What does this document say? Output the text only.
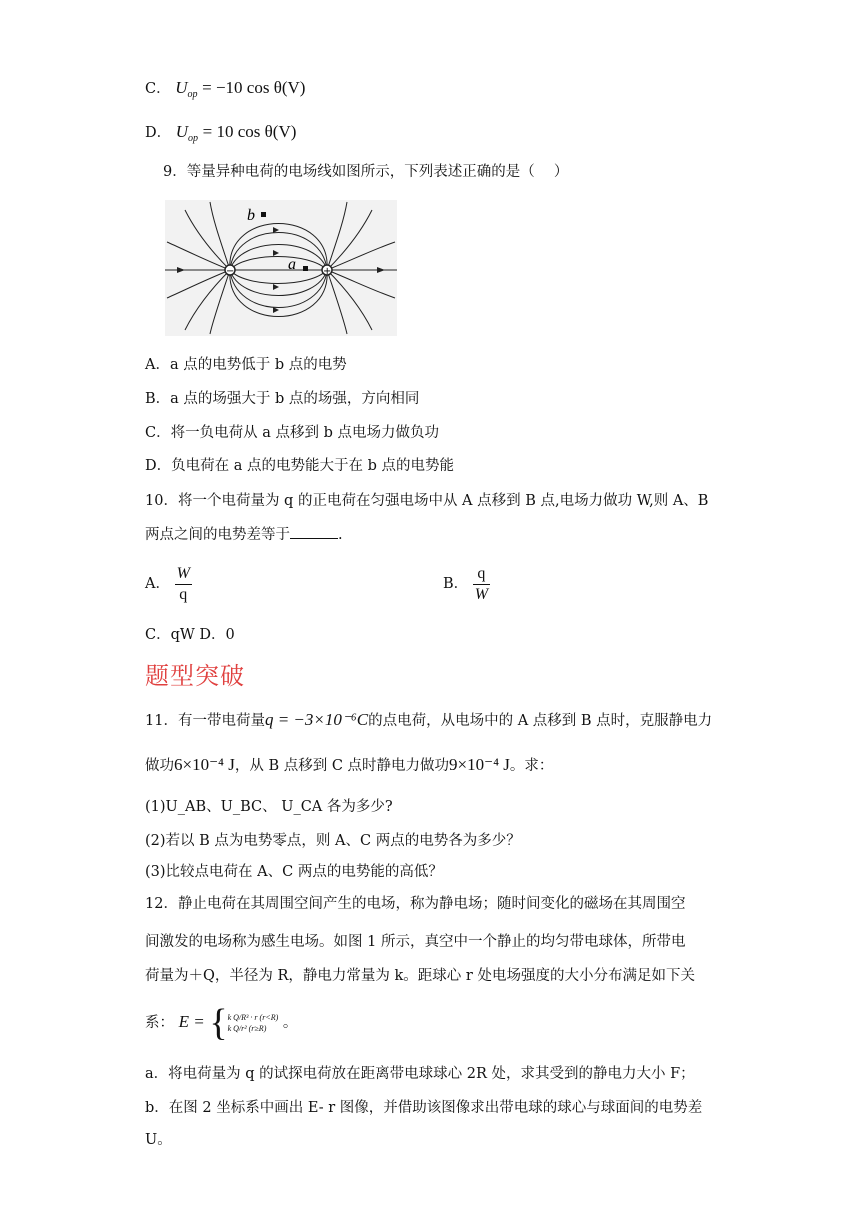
C． $U_{op} = -10$ cos θ(V)
D． $U_{op} = 10$ cos θ(V)
9．等量异种电荷的电场线如图所示，下列表述正确的是（　 ）
−	+
b
a
A．a 点的电势低于 b 点的电势
B．a 点的场强大于 b 点的场强，方向相同
C．将一负电荷从 a 点移到 b 点电场力做负功
D．负电荷在 a 点的电势能大于在 b 点的电势能
10．将一个电荷量为 q 的正电荷在匀强电场中从 A 点移到 B 点,电场力做功 W,则 A、B
两点之间的电势差等于	.
A． $\frac{W}{q}$	B． $\frac{q}{W}$
C．qW D．0
题型突破
11．有一带电荷量q = −3×10⁻⁶C的点电荷，从电场中的 A 点移到 B 点时，克服静电力
做功6×10⁻⁴ J，从 B 点移到 C 点时静电力做功9×10⁻⁴ J。求：
(1)U_AB、U_BC、 U_CA 各为多少?
(2)若以 B 点为电势零点，则 A、C 两点的电势各为多少？
(3)比较点电荷在 A、C 两点的电势能的高低？
12．静止电荷在其周围空间产生的电场，称为静电场；随时间变化的磁场在其周围空
间激发的电场称为感生电场。如图 1 所示，真空中一个静止的均匀带电球体，所带电
荷量为＋Q，半径为 R，静电力常量为 k。距球心 r 处电场强度的大小分布满足如下关
系： E = {k Q/R³ · r (r<R)
k Q/r² (r≥R) 。
a．将电荷量为 q 的试探电荷放在距离带电球球心 2R 处，求其受到的静电力大小 F；
b．在图 2 坐标系中画出 E- r 图像，并借助该图像求出带电球的球心与球面间的电势差
U。
